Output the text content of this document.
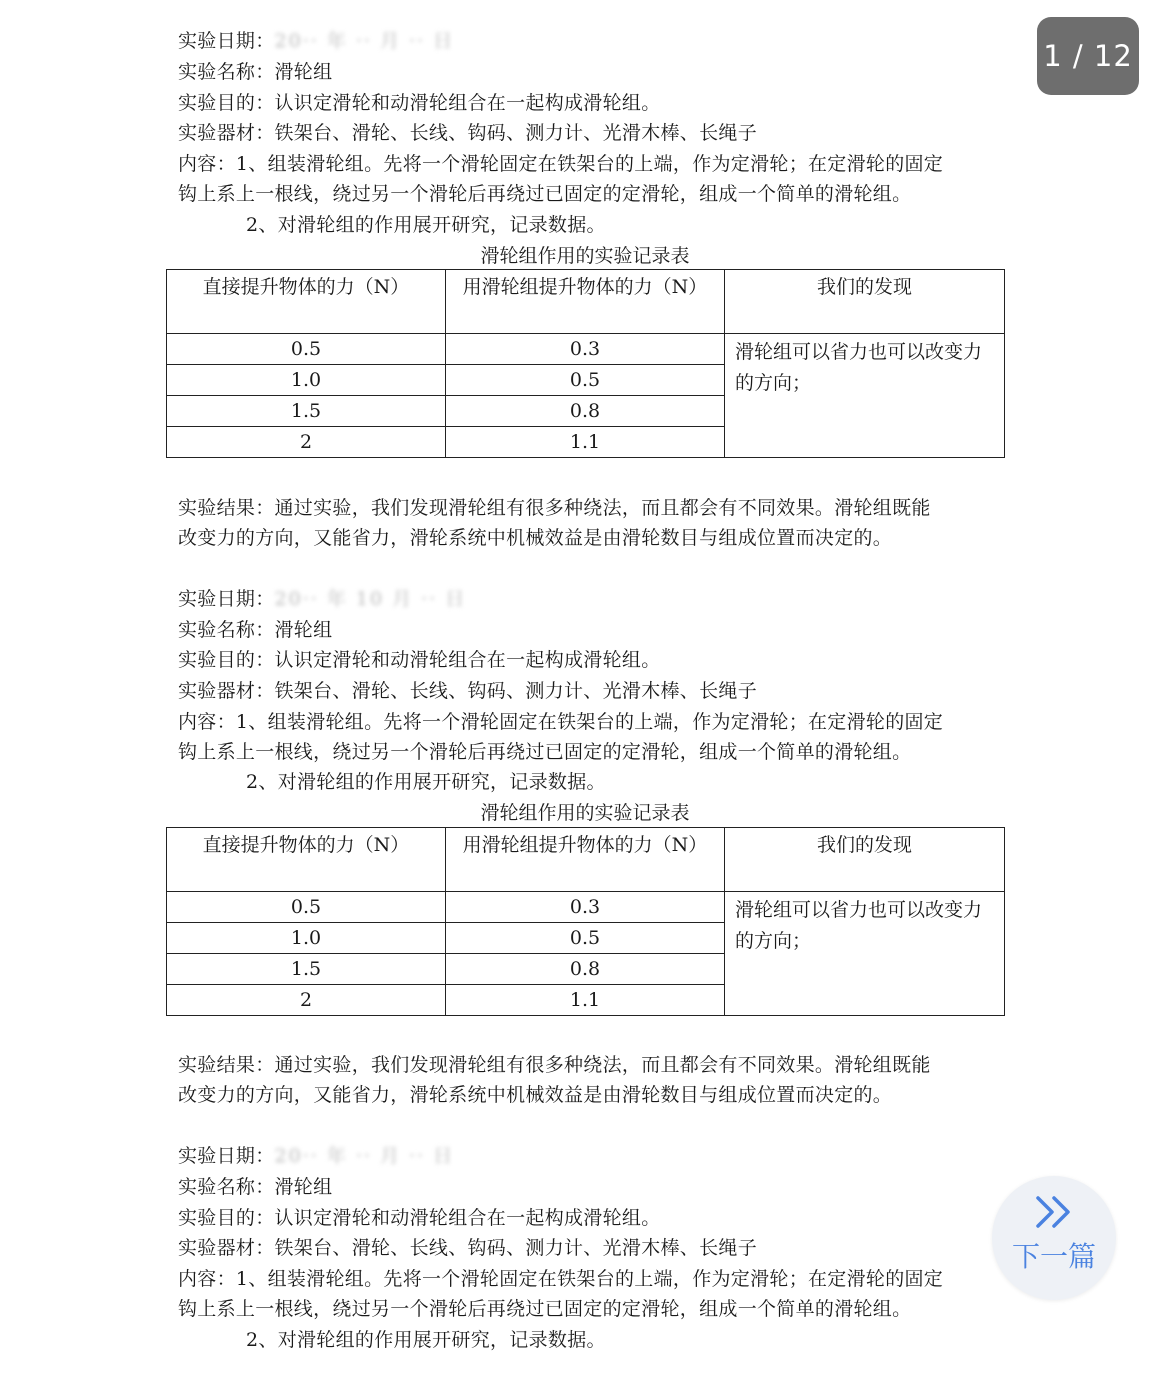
实验日期：20·· 年 ·· 月 ·· 日
实验名称：滑轮组
实验目的：认识定滑轮和动滑轮组合在一起构成滑轮组。
实验器材：铁架台、滑轮、长线、钩码、测力计、光滑木棒、长绳子
内容：1、组装滑轮组。先将一个滑轮固定在铁架台的上端，作为定滑轮；在定滑轮的固定
钩上系上一根线，绕过另一个滑轮后再绕过已固定的定滑轮，组成一个简单的滑轮组。
2、对滑轮组的作用展开研究，记录数据。
滑轮组作用的实验记录表
直接提升物体的力（N）	用滑轮组提升物体的力（N）	我们的发现
0.5	0.3	滑轮组可以省力也可以改变力的方向；
1.0	0.5	
1.5	0.8	
2	1.1	
实验结果：通过实验，我们发现滑轮组有很多种绕法，而且都会有不同效果。滑轮组既能
改变力的方向，又能省力，滑轮系统中机械效益是由滑轮数目与组成位置而决定的。
实验日期：20·· 年 10 月 ·· 日
实验名称：滑轮组
实验目的：认识定滑轮和动滑轮组合在一起构成滑轮组。
实验器材：铁架台、滑轮、长线、钩码、测力计、光滑木棒、长绳子
内容：1、组装滑轮组。先将一个滑轮固定在铁架台的上端，作为定滑轮；在定滑轮的固定
钩上系上一根线，绕过另一个滑轮后再绕过已固定的定滑轮，组成一个简单的滑轮组。
2、对滑轮组的作用展开研究，记录数据。
滑轮组作用的实验记录表
直接提升物体的力（N）	用滑轮组提升物体的力（N）	我们的发现
0.5	0.3	滑轮组可以省力也可以改变力的方向；
1.0	0.5	
1.5	0.8	
2	1.1	
实验结果：通过实验，我们发现滑轮组有很多种绕法，而且都会有不同效果。滑轮组既能
改变力的方向，又能省力，滑轮系统中机械效益是由滑轮数目与组成位置而决定的。
实验日期：20·· 年 ·· 月 ·· 日
实验名称：滑轮组
实验目的：认识定滑轮和动滑轮组合在一起构成滑轮组。
实验器材：铁架台、滑轮、长线、钩码、测力计、光滑木棒、长绳子
内容：1、组装滑轮组。先将一个滑轮固定在铁架台的上端，作为定滑轮；在定滑轮的固定
钩上系上一根线，绕过另一个滑轮后再绕过已固定的定滑轮，组成一个简单的滑轮组。
2、对滑轮组的作用展开研究，记录数据。
1 / 12
下一篇
